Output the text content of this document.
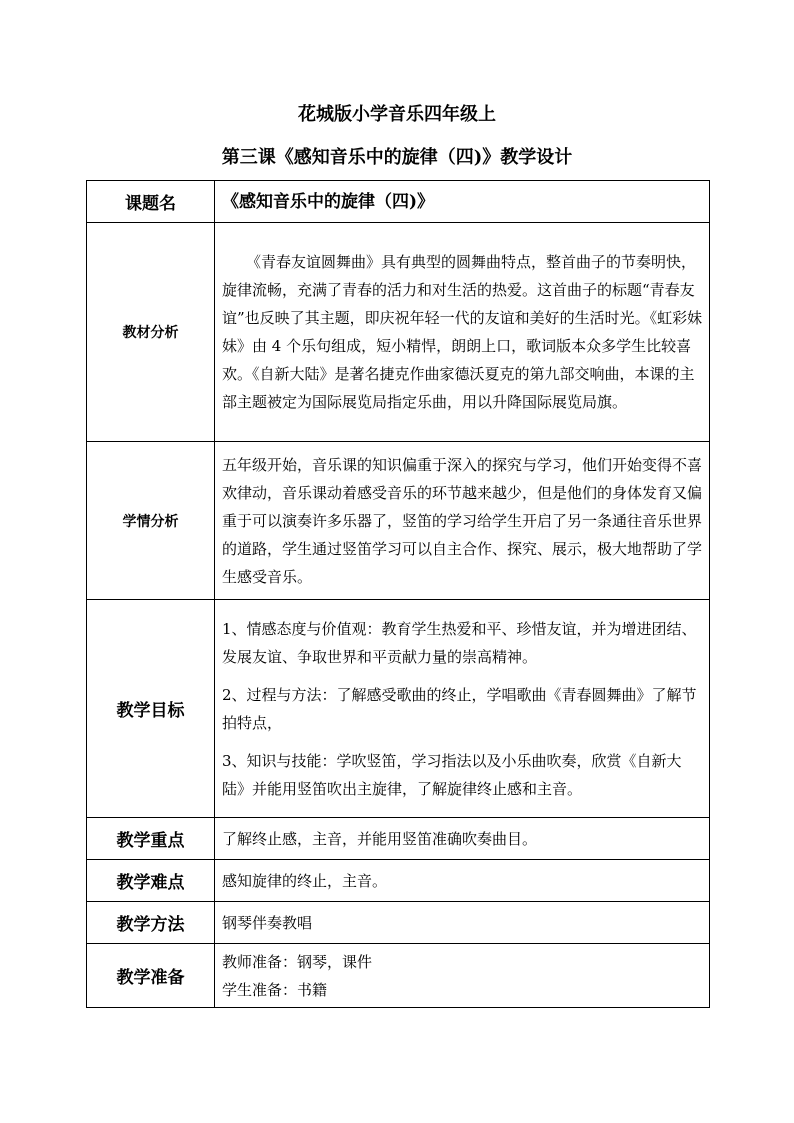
花城版小学音乐四年级上
第三课《感知音乐中的旋律（四)》教学设计
课题名	《感知音乐中的旋律（四)》
教材分析	《青春友谊圆舞曲》具有典型的圆舞曲特点，整首曲子的节奏明快，旋律流畅，充满了青春的活力和对生活的热爱。这首曲子的标题“青春友谊”也反映了其主题，即庆祝年轻一代的友谊和美好的生活时光。《虹彩妹妹》由 4 个乐句组成，短小精悍，朗朗上口，歌词版本众多学生比较喜欢。《自新大陆》是著名捷克作曲家德沃夏克的第九部交响曲，本课的主部主题被定为国际展览局指定乐曲，用以升降国际展览局旗。
学情分析	五年级开始，音乐课的知识偏重于深入的探究与学习，他们开始变得不喜欢律动，音乐课动着感受音乐的环节越来越少，但是他们的身体发育又偏重于可以演奏许多乐器了，竖笛的学习给学生开启了另一条通往音乐世界的道路，学生通过竖笛学习可以自主合作、探究、展示，极大地帮助了学生感受音乐。
教学目标	1、情感态度与价值观：教育学生热爱和平、珍惜友谊，并为增进团结、发展友谊、争取世界和平贡献力量的崇高精神。

2、过程与方法：了解感受歌曲的终止，学唱歌曲《青春圆舞曲》了解节拍特点，

3、知识与技能：学吹竖笛，学习指法以及小乐曲吹奏，欣赏《自新大陆》并能用竖笛吹出主旋律，了解旋律终止感和主音。

教学重点	了解终止感，主音，并能用竖笛准确吹奏曲目。
教学难点	感知旋律的终止，主音。
教学方法	钢琴伴奏教唱
教学准备	教师准备：钢琴，课件
学生准备：书籍
